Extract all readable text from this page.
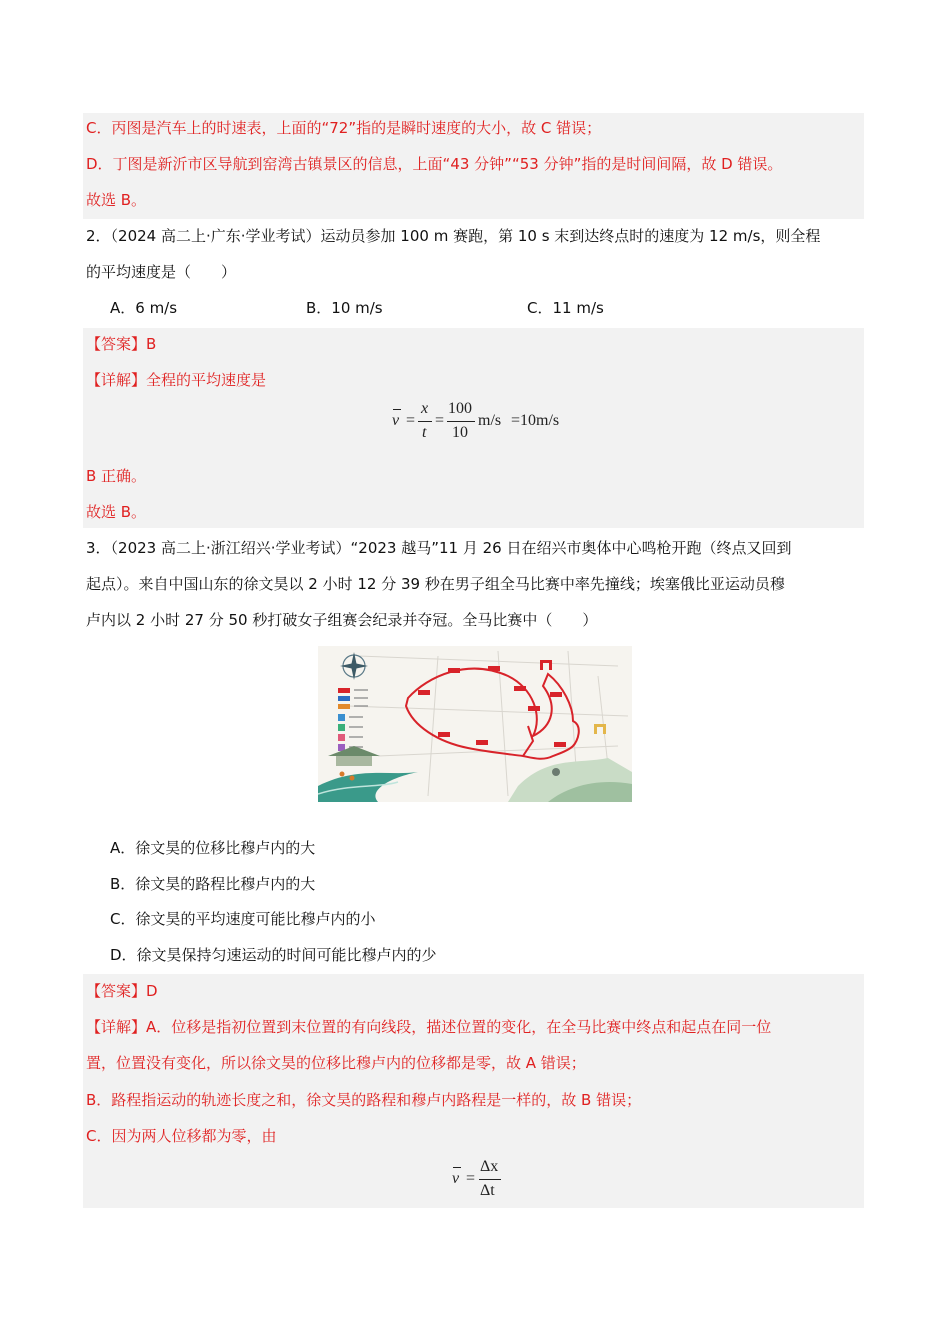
C．丙图是汽车上的时速表，上面的“72”指的是瞬时速度的大小，故 C 错误；
D．丁图是新沂市区导航到窑湾古镇景区的信息，上面“43 分钟”“53 分钟”指的是时间间隔，故 D 错误。
故选 B。
2．（2024 高二上·广东·学业考试）运动员参加 100 m 赛跑，第 10 s 末到达终点时的速度为 12 m/s，则全程
的平均速度是（　　）
A．6 m/s	B．10 m/s	C．11 m/s
【答案】B
【详解】全程的平均速度是
v =
x
t
=
100
10
m/s =10m/s
B 正确。
故选 B。
3．（2023 高二上·浙江绍兴·学业考试）“2023 越马”11 月 26 日在绍兴市奥体中心鸣枪开跑（终点又回到
起点）。来自中国山东的徐文昊以 2 小时 12 分 39 秒在男子组全马比赛中率先撞线；埃塞俄比亚运动员穆
卢内以 2 小时 27 分 50 秒打破女子组赛会纪录并夺冠。全马比赛中（　　）
A．徐文昊的位移比穆卢内的大
B．徐文昊的路程比穆卢内的大
C．徐文昊的平均速度可能比穆卢内的小
D．徐文昊保持匀速运动的时间可能比穆卢内的少
【答案】D
【详解】A．位移是指初位置到末位置的有向线段，描述位置的变化，在全马比赛中终点和起点在同一位
置，位置没有变化，所以徐文昊的位移比穆卢内的位移都是零，故 A 错误；
B．路程指运动的轨迹长度之和，徐文昊的路程和穆卢内路程是一样的，故 B 错误；
C．因为两人位移都为零，由
v =
Δx
Δt
